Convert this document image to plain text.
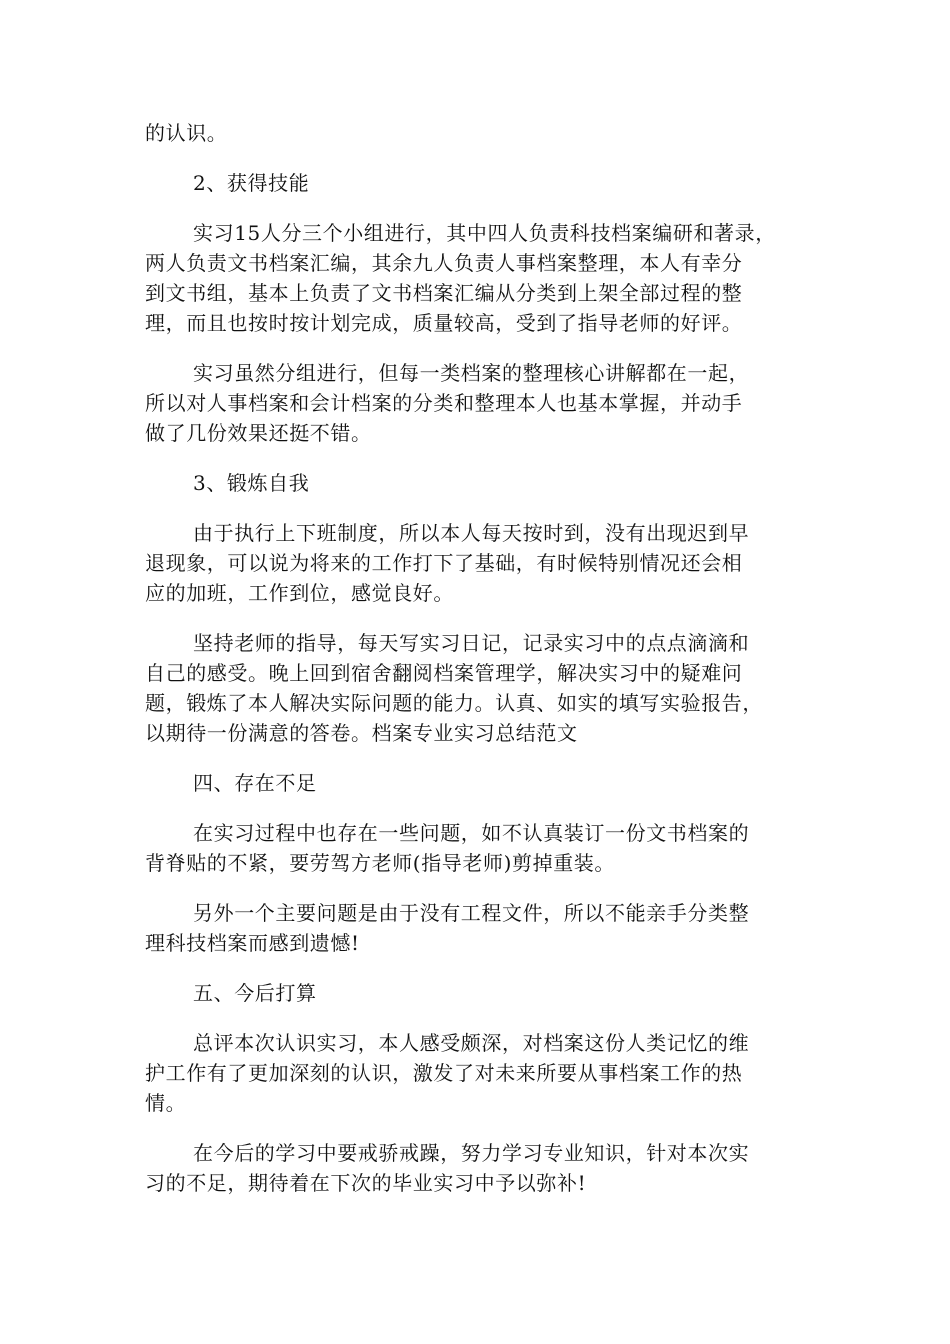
的认识。

2、获得技能

实习15人分三个小组进行，其中四人负责科技档案编研和著录，
两人负责文书档案汇编，其余九人负责人事档案整理，本人有幸分
到文书组，基本上负责了文书档案汇编从分类到上架全部过程的整
理，而且也按时按计划完成，质量较高，受到了指导老师的好评。

实习虽然分组进行，但每一类档案的整理核心讲解都在一起，
所以对人事档案和会计档案的分类和整理本人也基本掌握，并动手
做了几份效果还挺不错。

3、锻炼自我

由于执行上下班制度，所以本人每天按时到，没有出现迟到早
退现象，可以说为将来的工作打下了基础，有时候特别情况还会相
应的加班，工作到位，感觉良好。

坚持老师的指导，每天写实习日记，记录实习中的点点滴滴和
自己的感受。晚上回到宿舍翻阅档案管理学，解决实习中的疑难问
题，锻炼了本人解决实际问题的能力。认真、如实的填写实验报告，
以期待一份满意的答卷。档案专业实习总结范文

四、存在不足

在实习过程中也存在一些问题，如不认真装订一份文书档案的
背脊贴的不紧，要劳驾方老师(指导老师)剪掉重装。

另外一个主要问题是由于没有工程文件，所以不能亲手分类整
理科技档案而感到遗憾!

五、今后打算

总评本次认识实习，本人感受颇深，对档案这份人类记忆的维
护工作有了更加深刻的认识，激发了对未来所要从事档案工作的热
情。

在今后的学习中要戒骄戒躁，努力学习专业知识，针对本次实
习的不足，期待着在下次的毕业实习中予以弥补!
